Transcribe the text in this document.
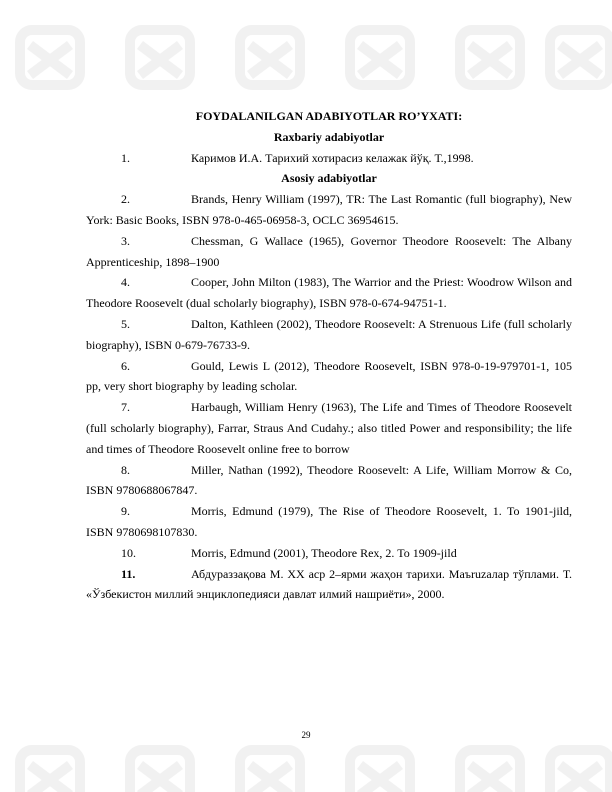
FOYDALANILGAN ADABIYOTLAR RO’YXATI:
Raxbariy adabiyotlar
1.	Каримов И.А. Тарихий хотирасиз келажак йўқ. Т.,1998.
Asosiy adabiyotlar
2.	Brands, Henry William (1997), TR: The Last Romantic (full biography), New York: Basic Books, ISBN 978-0-465-06958-3, OCLC 36954615.
3.	Chessman, G Wallace (1965), Governor Theodore Roosevelt: The Albany Apprenticeship, 1898–1900
4.	Cooper, John Milton (1983), The Warrior and the Priest: Woodrow Wilson and Theodore Roosevelt (dual scholarly biography), ISBN 978-0-674-94751-1.
5.	Dalton, Kathleen (2002), Theodore Roosevelt: A Strenuous Life (full scholarly biography), ISBN 0-679-76733-9.
6.	Gould, Lewis L (2012), Theodore Roosevelt, ISBN 978-0-19-979701-1, 105 pp, very short biography by leading scholar.
7.	Harbaugh, William Henry (1963), The Life and Times of Theodore Roosevelt (full scholarly biography), Farrar, Straus And Cudahy.; also titled Power and responsibility; the life and times of Theodore Roosevelt online free to borrow
8.	Miller, Nathan (1992), Theodore Roosevelt: A Life, William Morrow & Co, ISBN 9780688067847.
9.	Morris, Edmund (1979), The Rise of Theodore Roosevelt, 1. To 1901-jild, ISBN 9780698107830.
10.	Morris, Edmund (2001), Theodore Rex, 2. To 1909-jild
11.	Абдураззақова М. XX аср 2–ярми жаҳон тарихи. Маъruzалар тўплами. Т. «Ўзбекистон миллий энциклопедияси давлат илмий нашриёти», 2000.
29
